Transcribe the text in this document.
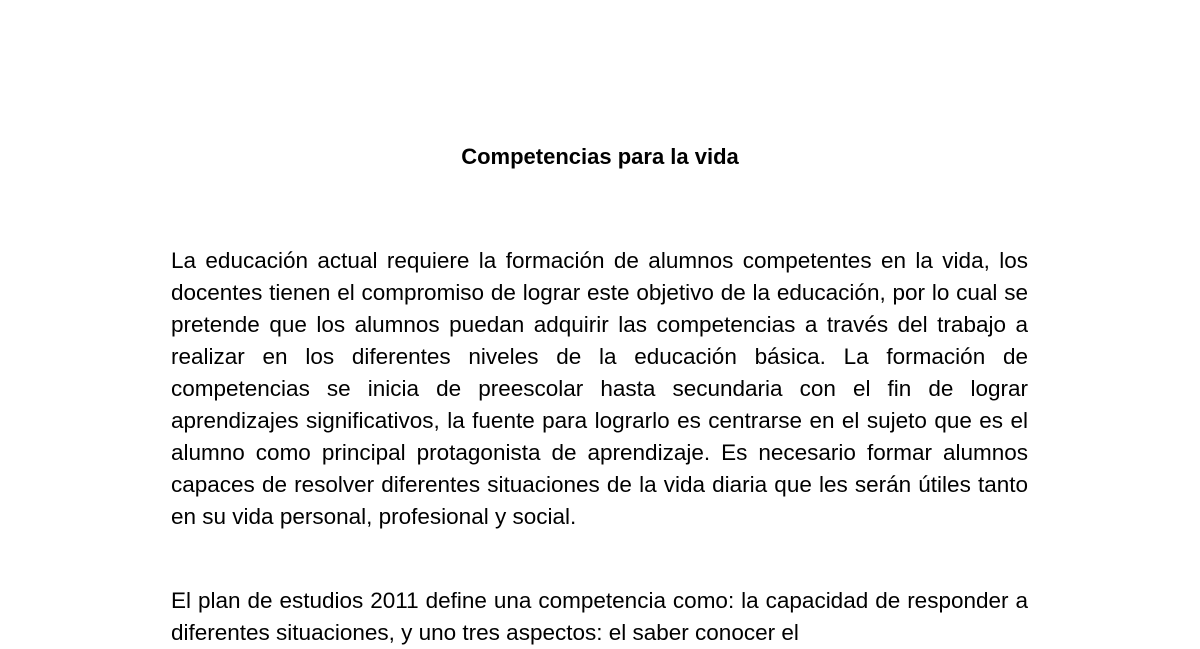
Competencias para la vida

La educación actual requiere la formación de alumnos competentes en la vida, los docentes tienen el compromiso de lograr este objetivo de la educación, por lo cual se pretende que los alumnos puedan adquirir las competencias a través del trabajo a realizar en los diferentes niveles de la educación básica. La formación de competencias se inicia de preescolar hasta secundaria con el fin de lograr aprendizajes significativos, la fuente para lograrlo es centrarse en el sujeto que es el alumno como principal protagonista de aprendizaje. Es necesario formar alumnos capaces de resolver diferentes situaciones de la vida diaria que les serán útiles tanto en su vida personal, profesional y social.

El plan de estudios 2011 define una competencia como: la capacidad de responder a diferentes situaciones, y uno tres aspectos: el saber conocer el
